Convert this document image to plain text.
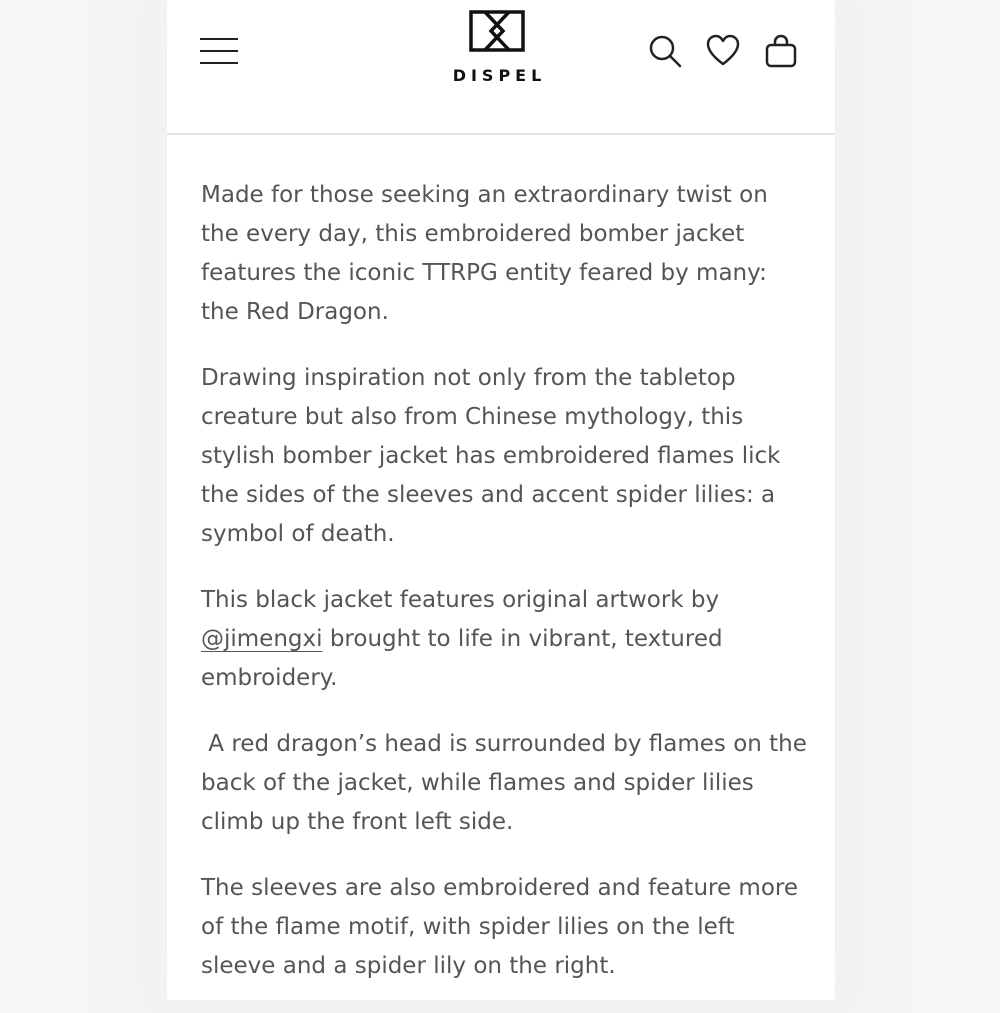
DISPEL

Made for those seeking an extraordinary twist on the every day, this embroidered bomber jacket features the iconic TTRPG entity feared by many: the Red Dragon.

Drawing inspiration not only from the tabletop creature but also from Chinese mythology, this stylish bomber jacket has embroidered flames lick the sides of the sleeves and accent spider lilies: a symbol of death.

This black jacket features original artwork by @jimengxi brought to life in vibrant, textured embroidery.

A red dragon’s head is surrounded by flames on the back of the jacket, while flames and spider lilies climb up the front left side.

The sleeves are also embroidered and feature more of the flame motif, with spider lilies on the left sleeve and a spider lily on the right.
